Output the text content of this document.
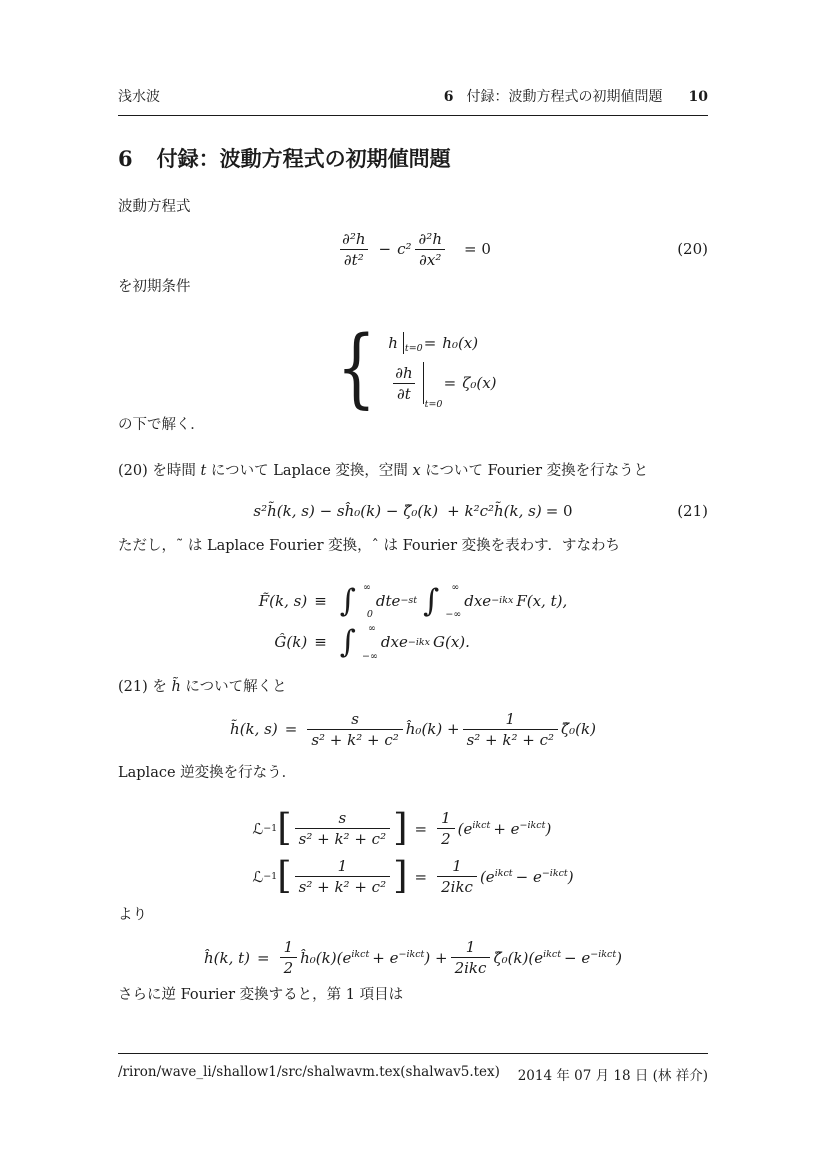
浅水波	6 付録：波動方程式の初期値問題 10
6 付録：波動方程式の初期値問題

波動方程式

$\frac{\text{∂²h}}{\text{∂t²}} - c^2 \frac{\text{∂²h}}{\text{∂x²}} = 0$	(20)

を初期条件

{ h t=0 = h₀(x)
$\frac{\partial h}{\partial t}$
t=0
= ζ₀(x)

の下で解く．

(20) を時間 t について Laplace 変換，空間 x について Fourier 変換を行なうと

s²h̃(k, s) − sĥ₀(k) − ζ̂₀(k) + k²c²h̃(k, s) = 0	(21)

ただし，˜ は Laplace Fourier 変換，ˆ は Fourier 変換を表わす．すなわち

F̃(k, s) ≡ ∫ ∞
0
dte −st ∫ ∞
−∞
dxe −ikx F(x, t),
Ĝ(k) ≡ ∫ ∞
−∞
dxe −ikx G(x).

(21) を h̃ について解くと

h̃(k, $s) = \frac{s}{\text{s² + k² + c²}}$ ĥ₀(k) + $\frac{1}{\text{s² + k² + c²}}$ ζ̂₀(k)

Laplace 逆変換を行なう．

ℒ −1 [ $\frac{s}{\text{s² + k² + c²}}$ ] = $\frac{1}{2} (e^{ikct} + e^{-ikct})$
ℒ −1 [ $\frac{1}{\text{s² + k² + c²}}$ ] = $\frac{1}{\text{2ikc}} (e^{ikct} - e^{-ikct})$

より

ĥ(k, $t) = \frac{1}{2}$ $ĥ_0(k)(e^{ikct} + e^{-ikct}) + \frac{1}{\text{2ikc}}$ $\zetâ_0(k)(e^{ikct} - e^{-ikct})$

さらに逆 Fourier 変換すると，第 1 項目は

/riron/wave_li/shallow1/src/shalwavm.tex(shalwav5.tex) 2014 年 07 月 18 日 (林 祥介)
